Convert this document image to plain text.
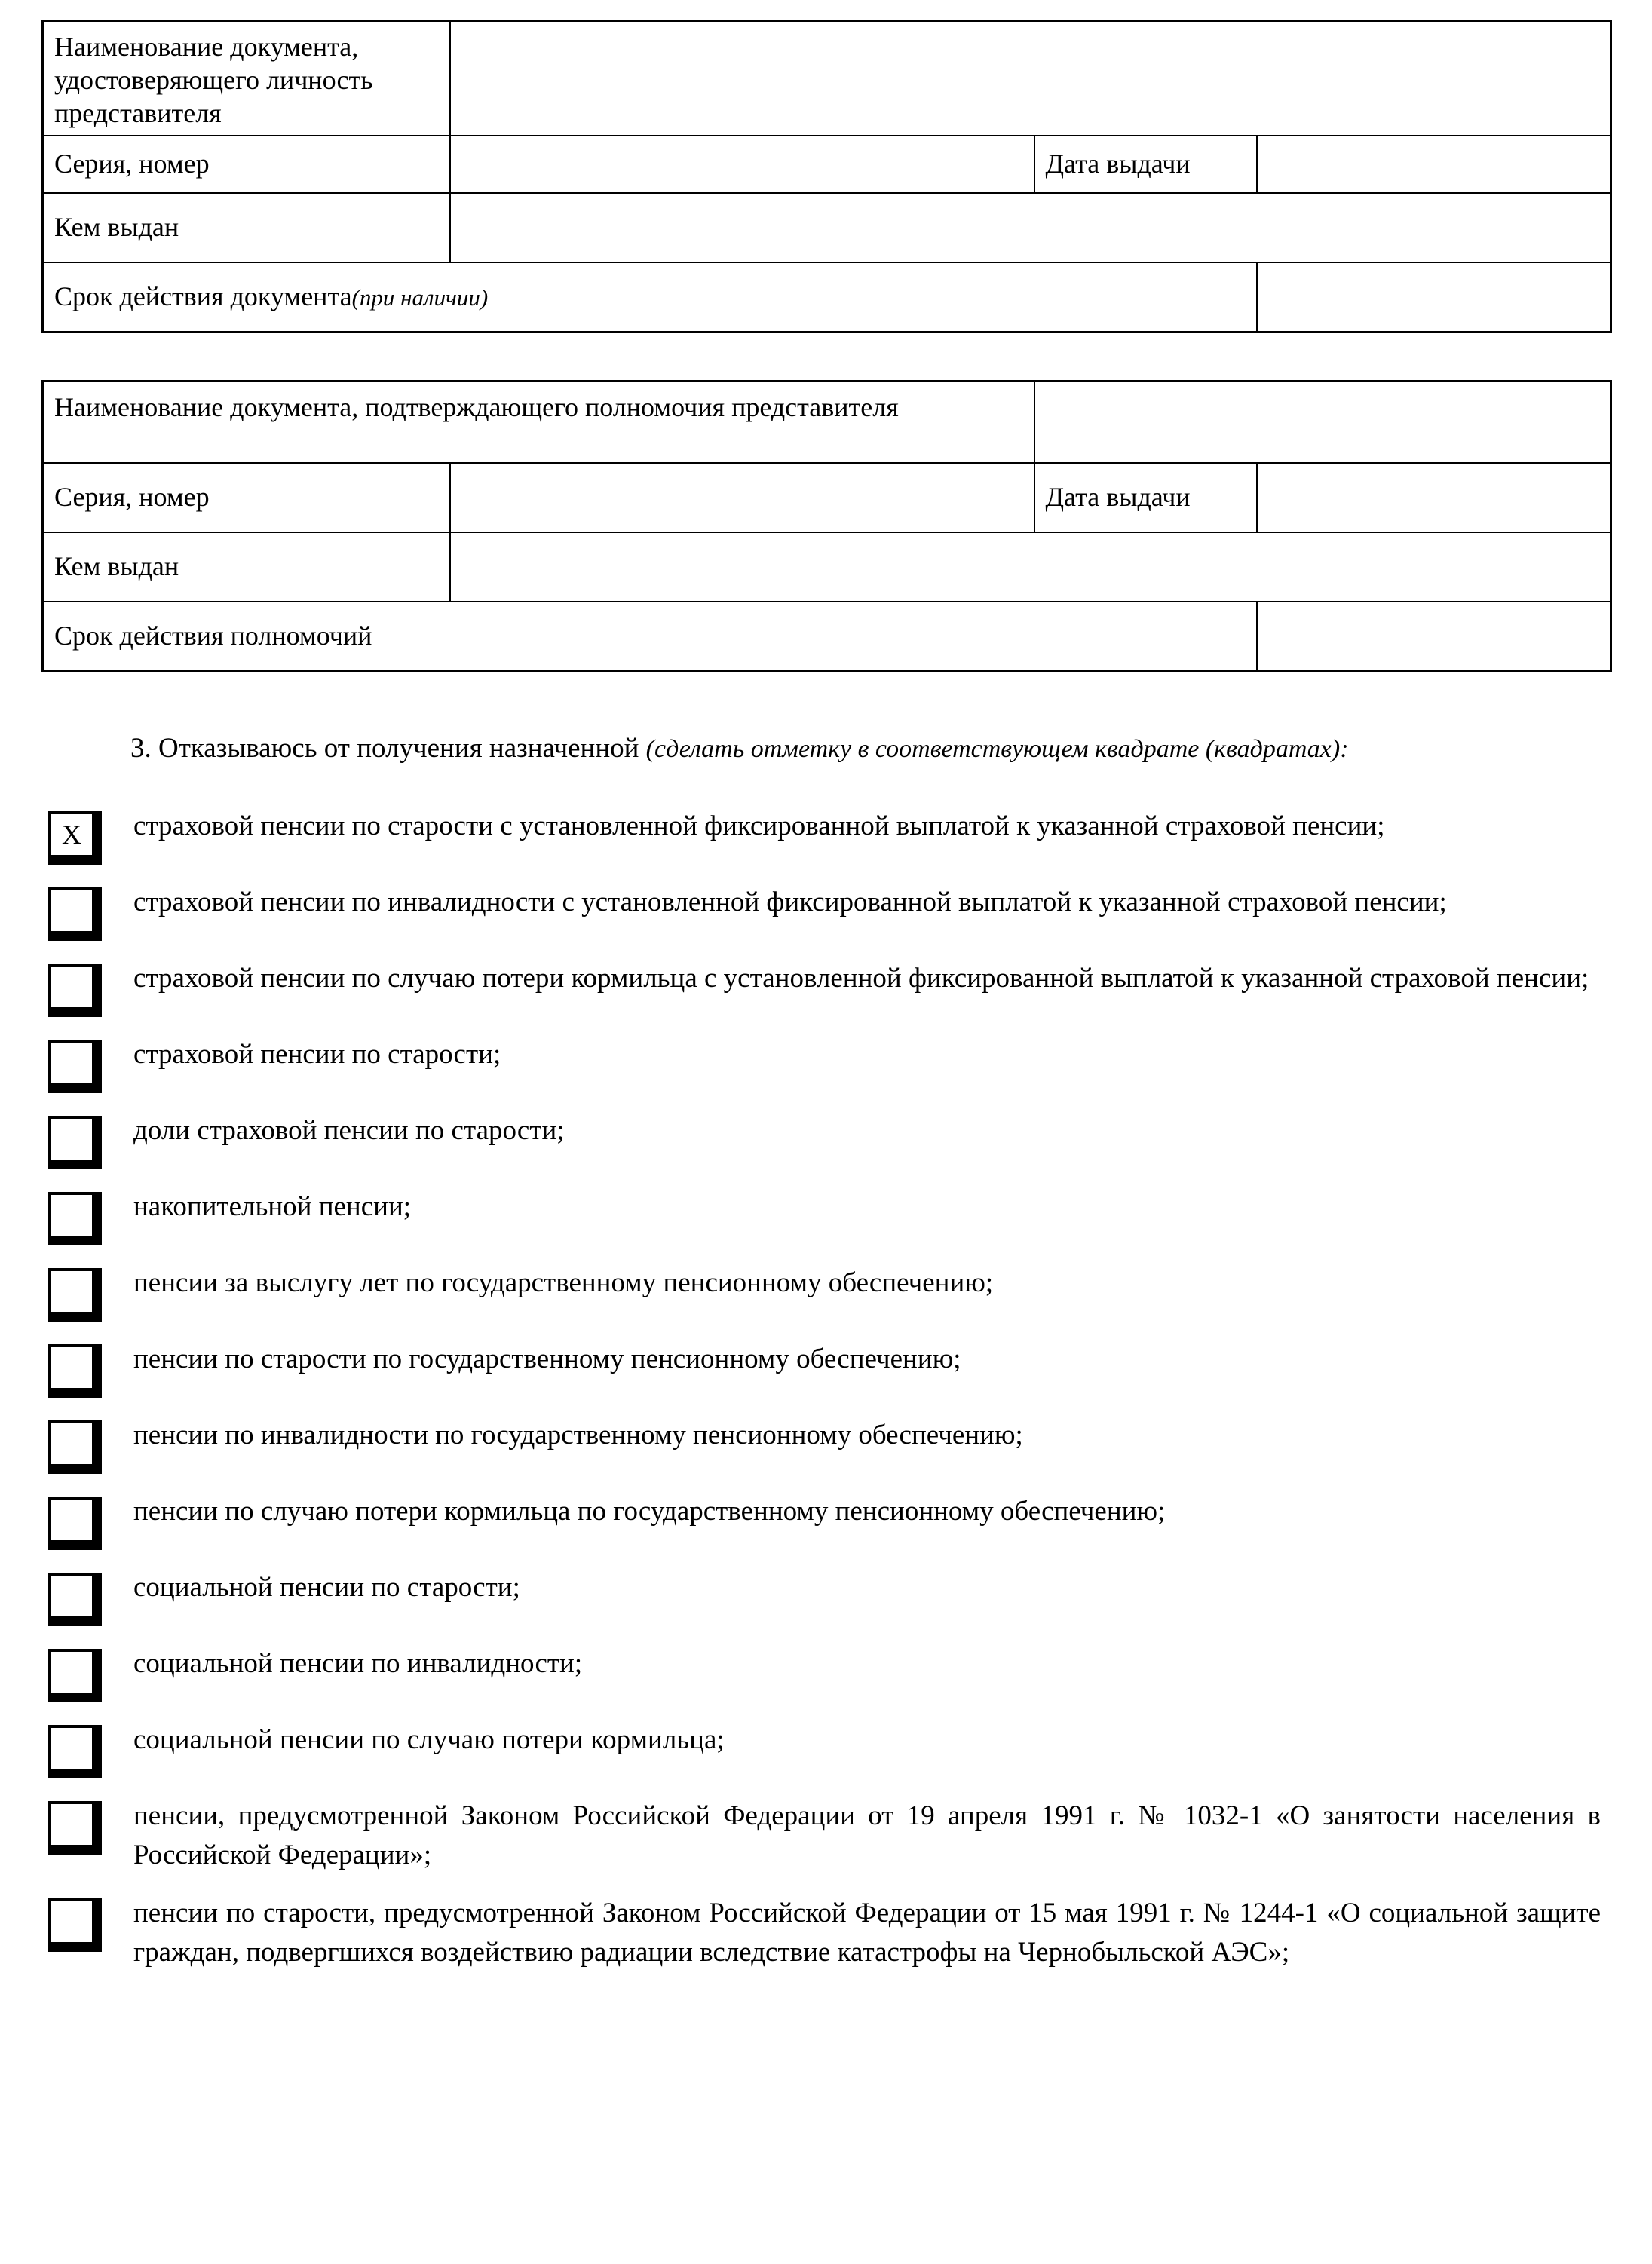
Наименование документа, удостоверяющего личность представителя			
Серия, номер		Дата выдачи	
Кем выдан			
Срок действия документа(при наличии)			
Наименование документа, подтверждающего полномочия представителя			
Серия, номер		Дата выдачи	
Кем выдан			
Срок действия полномочий			

3. Отказываюсь от получения назначенной (сделать отметку в соответствующем квадрате (квадратах):

X	страховой пенсии по старости с установленной фиксированной выплатой к указанной страховой пенсии;
страховой пенсии по инвалидности с установленной фиксированной выплатой к указанной страховой пенсии;
страховой пенсии по случаю потери кормильца с установленной фиксированной выплатой к указанной страховой пенсии;
страховой пенсии по старости;
доли страховой пенсии по старости;
накопительной пенсии;
пенсии за выслугу лет по государственному пенсионному обеспечению;
пенсии по старости по государственному пенсионному обеспечению;
пенсии по инвалидности по государственному пенсионному обеспечению;
пенсии по случаю потери кормильца по государственному пенсионному обеспечению;
социальной пенсии по старости;
социальной пенсии по инвалидности;
социальной пенсии по случаю потери кормильца;
пенсии, предусмотренной Законом Российской Федерации от 19 апреля 1991 г. № 1032-1 «О занятости населения в Российской Федерации»;
пенсии по старости, предусмотренной Законом Российской Федерации от 15 мая 1991 г. № 1244-1 «О социальной защите граждан, подвергшихся воздействию радиации вследствие катастрофы на Чернобыльской АЭС»;
